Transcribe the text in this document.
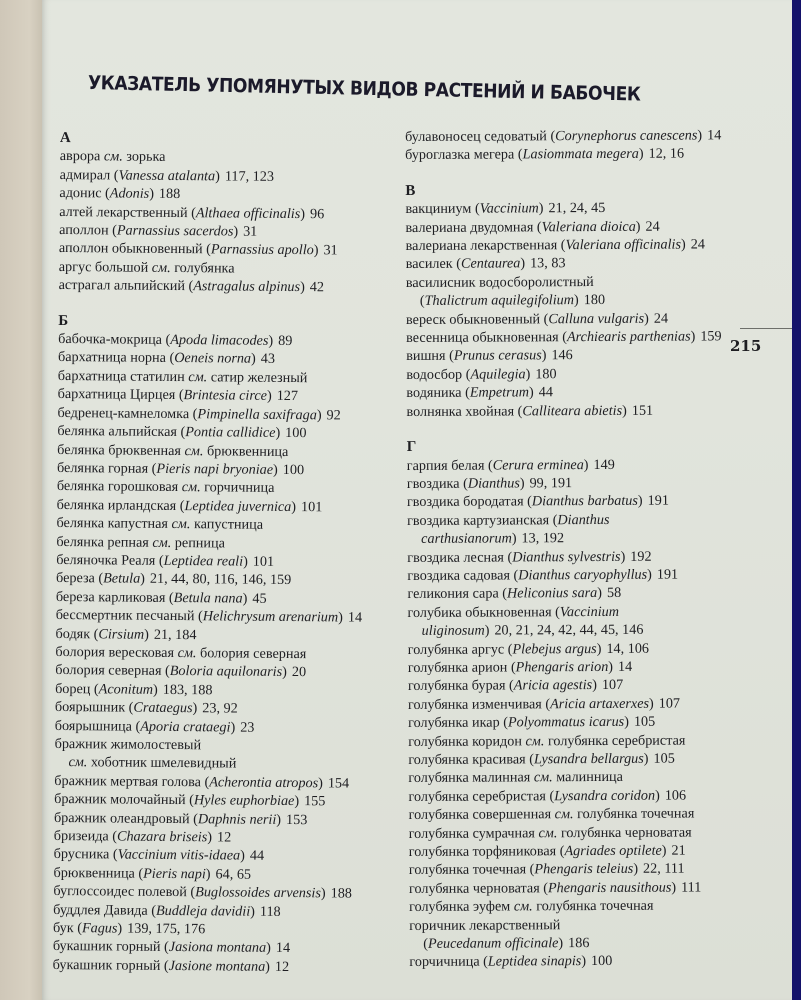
УКАЗАТЕЛЬ УПОМЯНУТЫХ ВИДОВ РАСТЕНИЙ И БАБОЧЕК
А
аврора см. зорька
адмирал (Vanessa atalanta) 117, 123
адонис (Adonis) 188
алтей лекарственный (Althaea officinalis) 96
аполлон (Parnassius sacerdos) 31
аполлон обыкновенный (Parnassius apollo) 31
аргус большой см. голубянка
астрагал альпийский (Astragalus alpinus) 42
Б
бабочка-мокрица (Apoda limacodes) 89
бархатница норна (Oeneis norna) 43
бархатница статилин см. сатир железный
бархатница Цирцея (Brintesia circe) 127
бедренец-камнеломка (Pimpinella saxifraga) 92
белянка альпийская (Pontia callidice) 100
белянка брюквенная см. брюквенница
белянка горная (Pieris napi bryoniae) 100
белянка горошковая см. горчичница
белянка ирландская (Leptidea juvernica) 101
белянка капустная см. капустница
белянка репная см. репница
беляночка Реаля (Leptidea reali) 101
береза (Betula) 21, 44, 80, 116, 146, 159
береза карликовая (Betula nana) 45
бессмертник песчаный (Helichrysum arenarium) 14
бодяк (Cirsium) 21, 184
болория вересковая см. болория северная
болория северная (Boloria aquilonaris) 20
борец (Aconitum) 183, 188
боярышник (Crataegus) 23, 92
боярышница (Aporia crataegi) 23
бражник жимолостевый
см. хоботник шмелевидный
бражник мертвая голова (Acherontia atropos) 154
бражник молочайный (Hyles euphorbiae) 155
бражник олеандровый (Daphnis nerii) 153
бризеида (Chazara briseis) 12
брусника (Vaccinium vitis-idaea) 44
брюквенница (Pieris napi) 64, 65
буглоссоидес полевой (Buglossoides arvensis) 188
буддлея Давида (Buddleja davidii) 118
бук (Fagus) 139, 175, 176
букашник горный (Jasiona montana) 14
букашник горный (Jasione montana) 12
булавоносец седоватый (Corynephorus canescens) 14
буроглазка мегера (Lasiommata megera) 12, 16
В
вакциниум (Vaccinium) 21, 24, 45
валериана двудомная (Valeriana dioica) 24
валериана лекарственная (Valeriana officinalis) 24
василек (Centaurea) 13, 83
василисник водосборолистный
(Thalictrum aquilegifolium) 180
вереск обыкновенный (Calluna vulgaris) 24
весенница обыкновенная (Archiearis parthenias) 159
вишня (Prunus cerasus) 146
водосбор (Aquilegia) 180
водяника (Empetrum) 44
волнянка хвойная (Calliteara abietis) 151
Г
гарпия белая (Cerura erminea) 149
гвоздика (Dianthus) 99, 191
гвоздика бородатая (Dianthus barbatus) 191
гвоздика картузианская (Dianthus
carthusianorum) 13, 192
гвоздика лесная (Dianthus sylvestris) 192
гвоздика садовая (Dianthus caryophyllus) 191
геликония сара (Heliconius sara) 58
голубика обыкновенная (Vaccinium
uliginosum) 20, 21, 24, 42, 44, 45, 146
голубянка аргус (Plebejus argus) 14, 106
голубянка арион (Phengaris arion) 14
голубянка бурая (Aricia agestis) 107
голубянка изменчивая (Aricia artaxerxes) 107
голубянка икар (Polyommatus icarus) 105
голубянка коридон см. голубянка серебристая
голубянка красивая (Lysandra bellargus) 105
голубянка малинная см. малинница
голубянка серебристая (Lysandra coridon) 106
голубянка совершенная см. голубянка точечная
голубянка сумрачная см. голубянка черноватая
голубянка торфяниковая (Agriades optilete) 21
голубянка точечная (Phengaris teleius) 22, 111
голубянка черноватая (Phengaris nausithous) 111
голубянка эуфем см. голубянка точечная
горичник лекарственный
(Peucedanum officinale) 186
горчичница (Leptidea sinapis) 100
215
